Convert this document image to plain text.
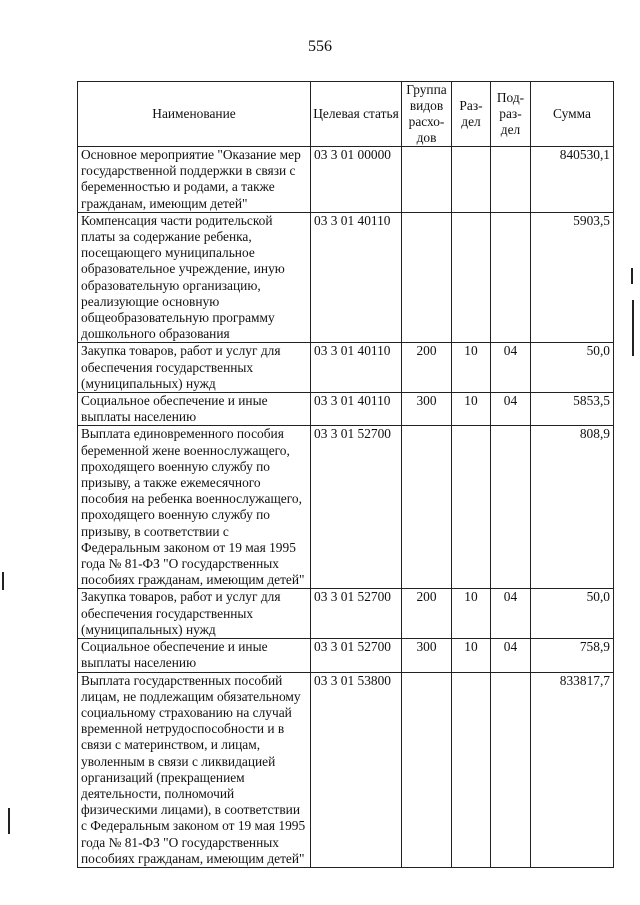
556
Наименование	Целевая статья	Группа видов расхо-дов	Раз-дел	Под-раз-дел	Сумма
Основное мероприятие "Оказание мер государственной поддержки в связи с беременностью и родами, а также гражданам, имеющим детей"	03 3 01 00000				840530,1
Компенсация части родительской платы за содержание ребенка, посещающего муниципальное образовательное учреждение, иную образовательную организацию, реализующие основную общеобразовательную программу дошкольного образования	03 3 01 40110				5903,5
Закупка товаров, работ и услуг для обеспечения государственных (муниципальных) нужд	03 3 01 40110	200	10	04	50,0
Социальное обеспечение и иные выплаты населению	03 3 01 40110	300	10	04	5853,5
Выплата единовременного пособия беременной жене военнослужащего, проходящего военную службу по призыву, а также ежемесячного пособия на ребенка военнослужащего, проходящего военную службу по призыву, в соответствии с Федеральным законом от 19 мая 1995 года № 81-ФЗ "О государственных пособиях гражданам, имеющим детей"	03 3 01 52700				808,9
Закупка товаров, работ и услуг для обеспечения государственных (муниципальных) нужд	03 3 01 52700	200	10	04	50,0
Социальное обеспечение и иные выплаты населению	03 3 01 52700	300	10	04	758,9
Выплата государственных пособий лицам, не подлежащим обязательному социальному страхованию на случай временной нетрудоспособности и в связи с материнством, и лицам, уволенным в связи с ликвидацией организаций (прекращением деятельности, полномочий физическими лицами), в соответствии с Федеральным законом от 19 мая 1995 года № 81-ФЗ "О государственных пособиях гражданам, имеющим детей"	03 3 01 53800				833817,7
